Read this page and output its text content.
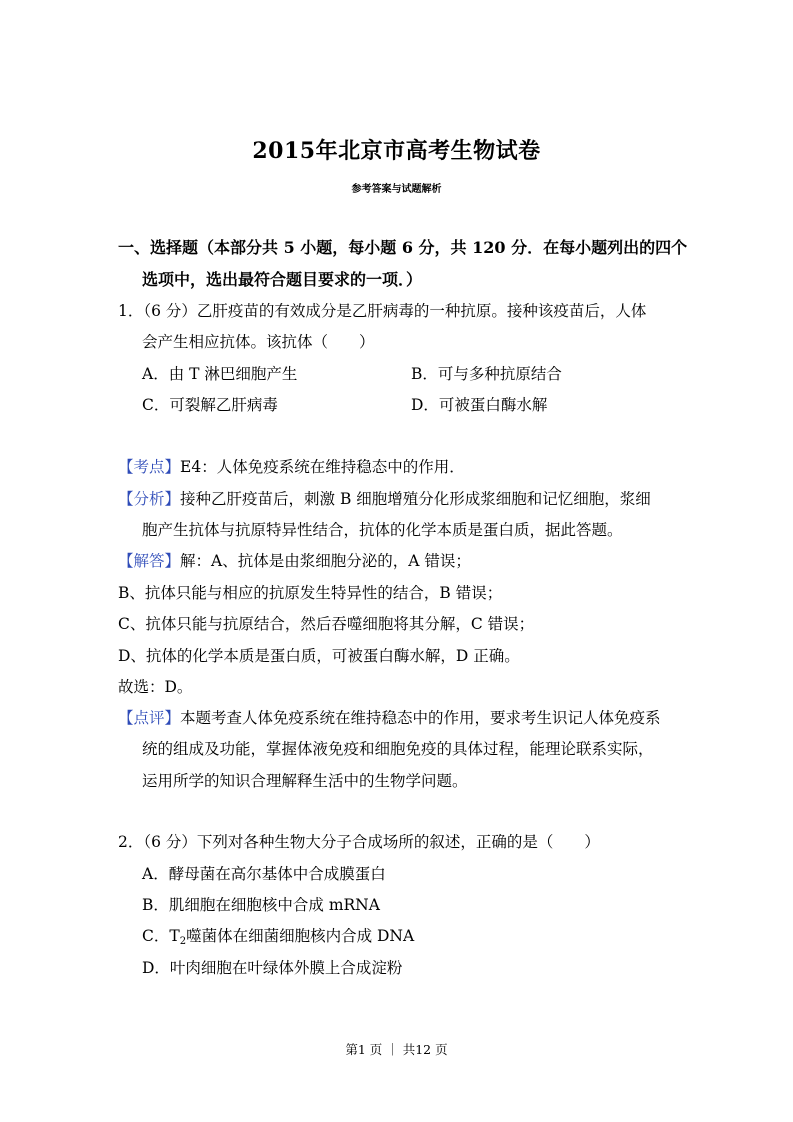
2015年北京市高考生物试卷
参考答案与试题解析
一、选择题（本部分共 5 小题，每小题 6 分，共 120 分．在每小题列出的四个
选项中，选出最符合题目要求的一项．）
1．（6 分）乙肝疫苗的有效成分是乙肝病毒的一种抗原。接种该疫苗后，人体
会产生相应抗体。该抗体（　　）
A．由 T 淋巴细胞产生	B．可与多种抗原结合
C．可裂解乙肝病毒	D．可被蛋白酶水解
【考点】E4：人体免疫系统在维持稳态中的作用．
【分析】接种乙肝疫苗后，刺激 B 细胞增殖分化形成浆细胞和记忆细胞，浆细
胞产生抗体与抗原特异性结合，抗体的化学本质是蛋白质，据此答题。
【解答】解：A、抗体是由浆细胞分泌的，A 错误；
B、抗体只能与相应的抗原发生特异性的结合，B 错误；
C、抗体只能与抗原结合，然后吞噬细胞将其分解，C 错误；
D、抗体的化学本质是蛋白质，可被蛋白酶水解，D 正确。
故选：D。
【点评】本题考查人体免疫系统在维持稳态中的作用，要求考生识记人体免疫系
统的组成及功能，掌握体液免疫和细胞免疫的具体过程，能理论联系实际，
运用所学的知识合理解释生活中的生物学问题。
2．（6 分）下列对各种生物大分子合成场所的叙述，正确的是（　　）
A．酵母菌在高尔基体中合成膜蛋白
B．肌细胞在细胞核中合成 mRNA
C．$T_2$噬菌体在细菌细胞核内合成 DNA
D．叶肉细胞在叶绿体外膜上合成淀粉
第1 页 ｜ 共12 页
